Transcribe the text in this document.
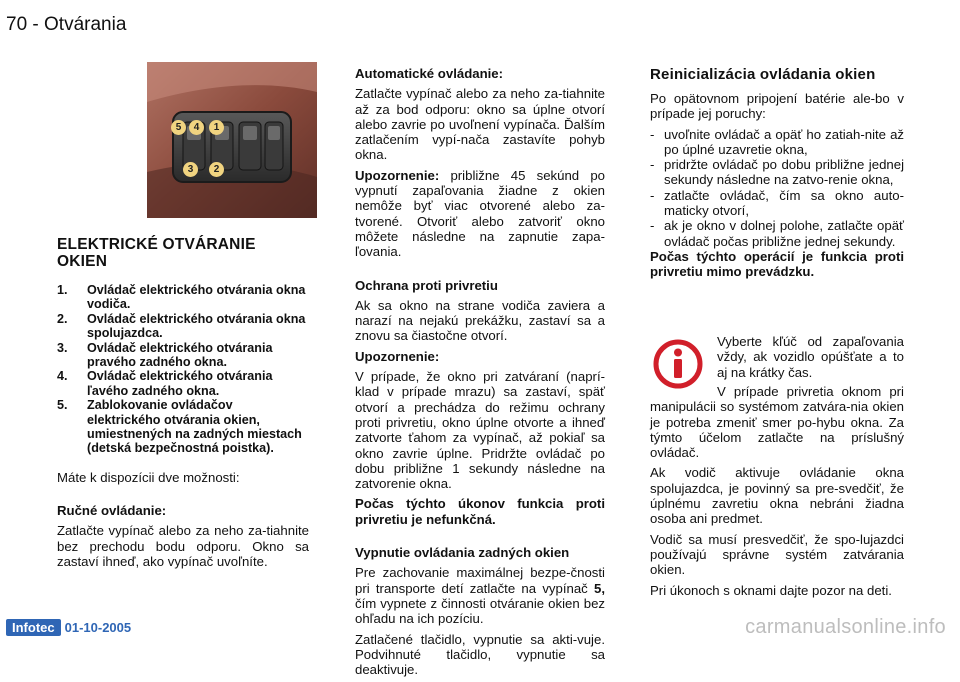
70 - Otvárania
5	4	1
3	2
ELEKTRICKÉ OTVÁRANIE OKIEN
1.	Ovládač elektrického otvárania okna vodiča.
2.	Ovládač elektrického otvárania okna spolujazdca.
3.	Ovládač elektrického otvárania pravého zadného okna.
4.	Ovládač elektrického otvárania ľavého zadného okna.
5.	Zablokovanie ovládačov elektrického otvárania okien, umiestnených na zadných miestach (detská bezpečnostná poistka).

Máte k dispozícii dve možnosti:

Ručné ovládanie:

Zatlačte vypínač alebo za neho za-tiahnite bez prechodu bodu odporu. Okno sa zastaví ihneď, ako vypínač uvoľníte.

Automatické ovládanie:

Zatlačte vypínač alebo za neho za-tiahnite až za bod odporu: okno sa úplne otvorí alebo zavrie po uvoľnení vypínača. Ďalším zatlačením vypí-nača zastavíte pohyb okna.

Upozornenie: približne 45 sekúnd po vypnutí zapaľovania žiadne z okien nemôže byť viac otvorené alebo za-tvorené. Otvoriť alebo zatvoriť okno môžete následne na zapnutie zapa-ľovania.

Ochrana proti privretiu

Ak sa okno na strane vodiča zaviera a narazí na nejakú prekážku, zastaví sa a znovu sa čiastočne otvorí.

Upozornenie:

V prípade, že okno pri zatváraní (naprí-klad v prípade mrazu) sa zastaví, späť otvorí a prechádza do režimu ochrany proti privretiu, okno úplne otvorte a ihneď zatvorte ťahom za vypínač, až pokiaľ sa okno zavrie úplne. Pridržte ovládač po dobu približne 1 sekundy následne na zatvorenie okna.

Počas týchto úkonov funkcia proti privretiu je nefunkčná.

Vypnutie ovládania zadných okien

Pre zachovanie maximálnej bezpe-čnosti pri transporte detí zatlačte na vypínač 5, čím vypnete z činnosti otváranie okien bez ohľadu na ich pozíciu.

Zatlačené tlačidlo, vypnutie sa akti-vuje. Podvihnuté tlačidlo, vypnutie sa deaktivuje.

Reinicializácia ovládania okien

Po opätovnom pripojení batérie ale-bo v prípade jej poruchy:

- uvoľnite ovládač a opäť ho zatiah-nite až po úplné uzavretie okna,
- pridržte ovládač po dobu približne jednej sekundy následne na zatvo-renie okna,
- zatlačte ovládač, čím sa okno auto-maticky otvorí,
- ak je okno v dolnej polohe, zatlačte opäť ovládač počas približne jednej sekundy.

Počas týchto operácií je funkcia proti privretiu mimo prevádzku.

Vyberte kľúč od zapaľovania vždy, ak vozidlo opúšťate a to aj na krátky čas.

V prípade privretia oknom pri manipulácii so systémom zatvára-nia okien je potreba zmeniť smer po-hybu okna. Za týmto účelom zatlačte na príslušný ovládač.

Ak vodič aktivuje ovládanie okna spolujazdca, je povinný sa pre-svedčiť, že úplnému zavretiu okna nebráni žiadna osoba ani predmet.

Vodič sa musí presvedčiť, že spo-lujazdci používajú správne systém zatvárania okien.

Pri úkonoch s oknami dajte pozor na deti.

Infotec 01-10-2005	carmanualsonline.info
